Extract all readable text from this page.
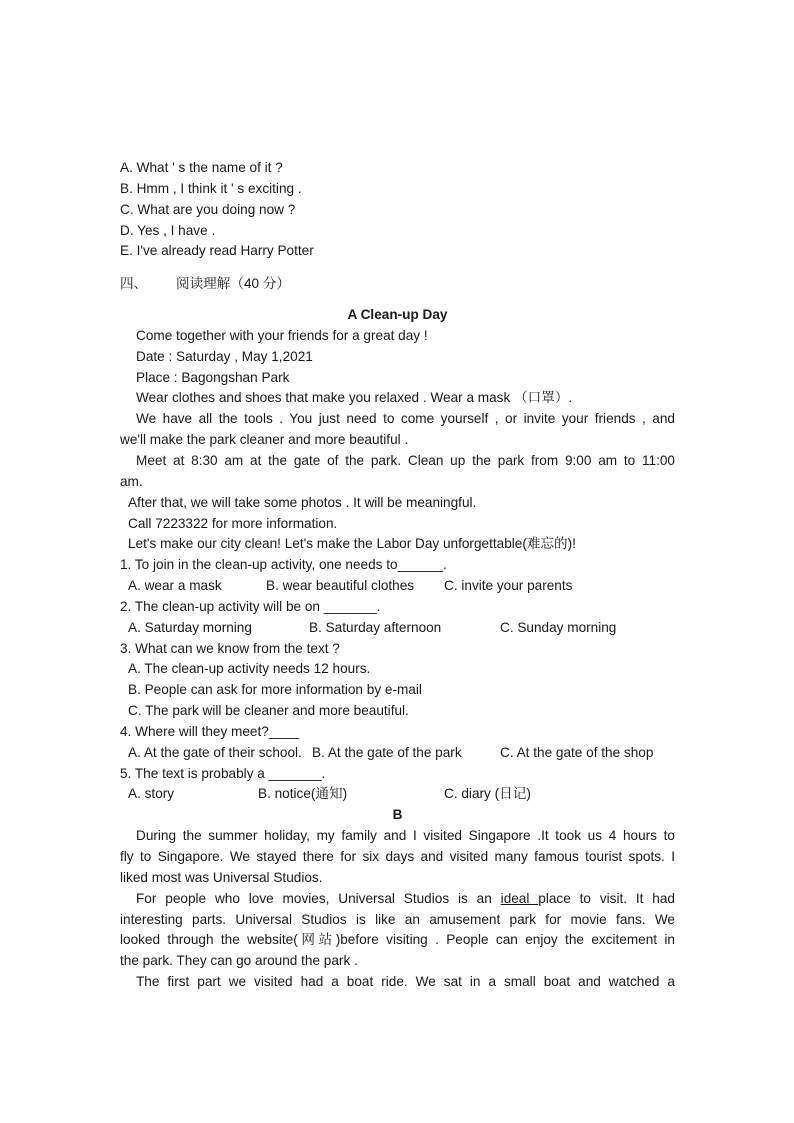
A. What ' s the name of it ?
B. Hmm , I think it ' s exciting .
C. What are you doing now ?
D. Yes , I have .
E. I've already read Harry Potter
四、 阅读理解（40 分）
A Clean-up Day
Come together with your friends for a great day !
Date : Saturday , May 1,2021
Place : Bagongshan Park
Wear clothes and shoes that make you relaxed . Wear a mask （口罩）.
We have all the tools . You just need to come yourself , or invite your friends , and
we'll make the park cleaner and more beautiful .
Meet at 8:30 am at the gate of the park. Clean up the park from 9:00 am to 11:00
am.
After that, we will take some photos . It will be meaningful.
Call 7223322 for more information.
Let's make our city clean! Let's make the Labor Day unforgettable(难忘的)!
1. To join in the clean-up activity, one needs to______.
A. wear a mask	B. wear beautiful clothes	C. invite your parents
2. The clean-up activity will be on _______.
A. Saturday morning	B. Saturday afternoon	C. Sunday morning
3. What can we know from the text ?
A. The clean-up activity needs 12 hours.
B. People can ask for more information by e-mail
C. The park will be cleaner and more beautiful.
4. Where will they meet?____
A. At the gate of their school. B. At the gate of the park	C. At the gate of the shop
5. The text is probably a _______.
A. story	B. notice(通知)	C. diary (日记)
B
During the summer holiday, my family and I visited Singapore .It took us 4 hours to
fly to Singapore. We stayed there for six days and visited many famous tourist spots. I
liked most was Universal Studios.
For people who love movies, Universal Studios is an ideal place to visit. It had
interesting parts. Universal Studios is like an amusement park for movie fans. We
looked through the website(网站)before visiting . People can enjoy the excitement in
the park. They can go around the park .
The first part we visited had a boat ride. We sat in a small boat and watched a
